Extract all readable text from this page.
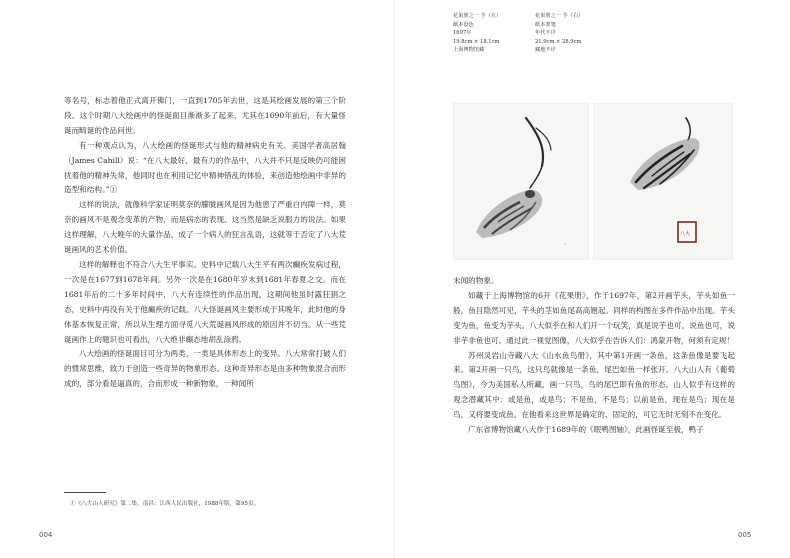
等名号，标志着他正式离开佛门，一直到1705年去世，这是其绘画发展的第三个阶段。这个时期八大绘画中的怪诞面目渐渐多了起来，尤其在1690年前后，有大量怪诞而畸诞的作品问世。

有一种观点认为，八大绘画的怪诞形式与他的精神病史有关。美国学者高居翰（James Cahill）说：“在八大最好、最有力的作品中，八大并不只是反映仍可能困扰着他的精神失常，他同时也在利用记忆中精神错乱的体验，来创造他绘画中非异的造型和结构。”①

这样的说法，就像科学家证明莫奈的朦胧画风是因为他患了严重白内障一样，莫奈的画风不是观念变革的产物，而是病态的表现。这当然是缺乏说服力的说法。如果这样理解，八大晚年的大量作品，成了一个病人的狂言乱语，这就等于否定了八大荒诞画风的艺术价值。

这样的解释也不符合八大生平事实。史料中记载八大生平有两次癫疾发病过程，一次是在1677到1678年间。另外一次是在1680年岁末到1681年春夏之交。而在1681年后的二十多年时间中，八大有连续性的作品出现，这期间他虽时露狂狷之态，史料中再没有关于他癫疾的记载。八大怪诞画风主要形成于其晚年，此时他的身体基本恢复正常，所以从生理方面寻觅八大荒诞画风形成的原因并不切当。从一些荒诞画作上的题识也可看出，八大绝非癫态地胡乱涂鸦。

八大绘画的怪诞面目可分为两类，一类是具体形态上的变异。八大常常打破人们的惯常思维，致力于创造一些奇异的物象形态。这种奇异形态是由多种物象混合而形成的，部分看是逼真的，合而形成一种新物象，一种闻所

①《八大山人研究》第二集，南昌：江西人民出版社，1988年版，第95页。
004
花果册之一 芋（左）
纸本设色
1697年
19.8cm × 18.1cm
上海博物馆藏
花果册之一 芋（右）
纸本墨笔
年代不详
21.9cm × 28.9cm
藏地不详
ᐡ
八大

未闻的物象。

如藏于上海博物馆的6开《花果册》，作于1697年，第2开画芋头，芋头如鱼一般，鱼目隐然可见，芋头的茎如鱼尾高高翘起。同样的构图在多件作品中出现。芋头变为鱼，鱼变为芋头。八大似乎在和人们开一个玩笑，真是说芋也可，说鱼也可，说非芋非鱼也可。通过此一视觉图像，八大似乎在告诉人们：鸿蒙开物，何须有定规！

苏州灵岩山寺藏八大《山水鱼鸟册》，其中第1开画一条鱼，这条鱼像是要飞起来。第2开画一只鸟，这只鸟就像是一条鱼，尾巴如鱼一样张开。八大山人有《葡萄鸟图》，今为美国私人所藏，画一只鸟，鸟的尾巴即有鱼的形态。山人似乎有这样的观念潜藏其中：或是鱼，或是鸟；不是鱼，不是鸟；以前是鱼，现在是鸟；现在是鸟，又将要变成鱼。在他看来这世界是确定的、固定的，可它无时无刻不在变化。

广东省博物馆藏八大作于1689年的《眠鸭图轴》，此画怪诞至极，鸭子

005
